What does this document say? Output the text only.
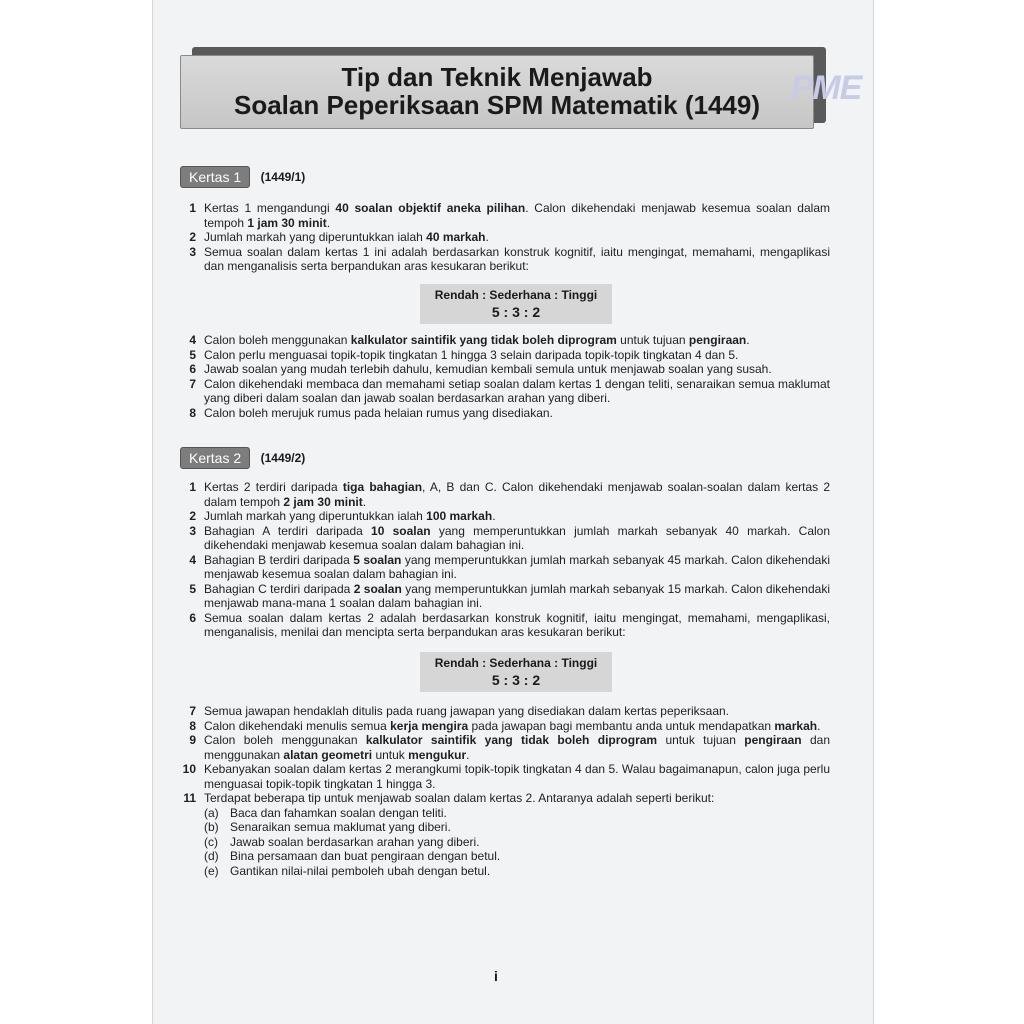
Tip dan Teknik Menjawab
Soalan Peperiksaan SPM Matematik (1449) PME
Kertas 1 (1449/1)
1 Kertas 1 mengandungi 40 soalan objektif aneka pilihan. Calon dikehendaki menjawab kesemua soalan dalam tempoh 1 jam 30 minit.
2 Jumlah markah yang diperuntukkan ialah 40 markah.
3 Semua soalan dalam kertas 1 ini adalah berdasarkan konstruk kognitif, iaitu mengingat, memahami, mengaplikasi dan menganalisis serta berpandukan aras kesukaran berikut:
Rendah : Sederhana : Tinggi
5 : 3 : 2
4 Calon boleh menggunakan kalkulator saintifik yang tidak boleh diprogram untuk tujuan pengiraan.
5 Calon perlu menguasai topik-topik tingkatan 1 hingga 3 selain daripada topik-topik tingkatan 4 dan 5.
6 Jawab soalan yang mudah terlebih dahulu, kemudian kembali semula untuk menjawab soalan yang susah.
7 Calon dikehendaki membaca dan memahami setiap soalan dalam kertas 1 dengan teliti, senaraikan semua maklumat yang diberi dalam soalan dan jawab soalan berdasarkan arahan yang diberi.
8 Calon boleh merujuk rumus pada helaian rumus yang disediakan.
Kertas 2 (1449/2)
1 Kertas 2 terdiri daripada tiga bahagian, A, B dan C. Calon dikehendaki menjawab soalan-soalan dalam kertas 2 dalam tempoh 2 jam 30 minit.
2 Jumlah markah yang diperuntukkan ialah 100 markah.
3 Bahagian A terdiri daripada 10 soalan yang memperuntukkan jumlah markah sebanyak 40 markah. Calon dikehendaki menjawab kesemua soalan dalam bahagian ini.
4 Bahagian B terdiri daripada 5 soalan yang memperuntukkan jumlah markah sebanyak 45 markah. Calon dikehendaki menjawab kesemua soalan dalam bahagian ini.
5 Bahagian C terdiri daripada 2 soalan yang memperuntukkan jumlah markah sebanyak 15 markah. Calon dikehendaki menjawab mana-mana 1 soalan dalam bahagian ini.
6 Semua soalan dalam kertas 2 adalah berdasarkan konstruk kognitif, iaitu mengingat, memahami, mengaplikasi, menganalisis, menilai dan mencipta serta berpandukan aras kesukaran berikut:
Rendah : Sederhana : Tinggi
5 : 3 : 2
7 Semua jawapan hendaklah ditulis pada ruang jawapan yang disediakan dalam kertas peperiksaan.
8 Calon dikehendaki menulis semua kerja mengira pada jawapan bagi membantu anda untuk mendapatkan markah.
9 Calon boleh menggunakan kalkulator saintifik yang tidak boleh diprogram untuk tujuan pengiraan dan menggunakan alatan geometri untuk mengukur.
10 Kebanyakan soalan dalam kertas 2 merangkumi topik-topik tingkatan 4 dan 5. Walau bagaimanapun, calon juga perlu menguasai topik-topik tingkatan 1 hingga 3.
11 Terdapat beberapa tip untuk menjawab soalan dalam kertas 2. Antaranya adalah seperti berikut:
(a) Baca dan fahamkan soalan dengan teliti.
(b) Senaraikan semua maklumat yang diberi.
(c) Jawab soalan berdasarkan arahan yang diberi.
(d) Bina persamaan dan buat pengiraan dengan betul.
(e) Gantikan nilai-nilai pemboleh ubah dengan betul.
i
